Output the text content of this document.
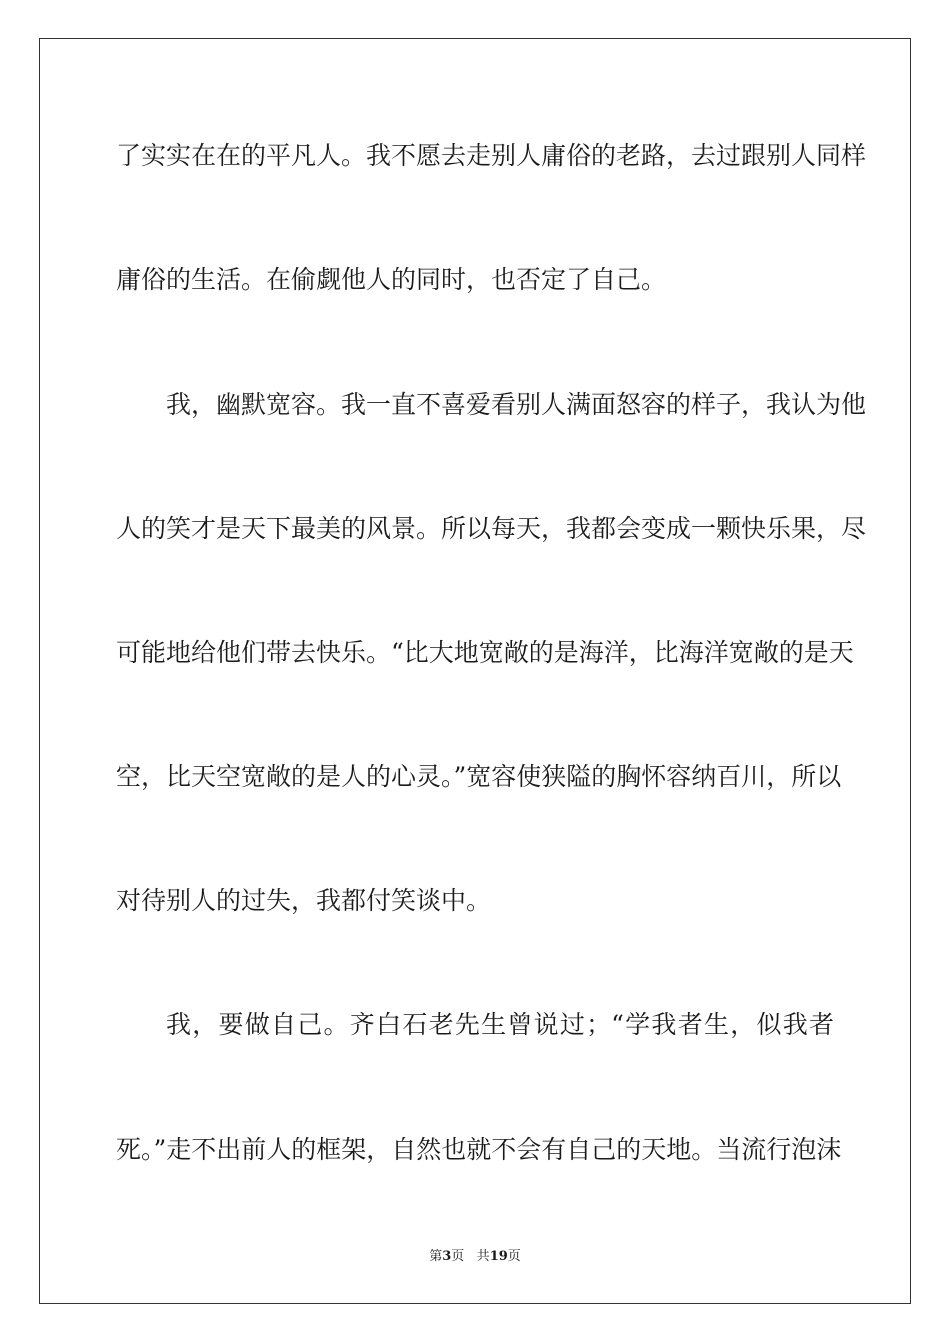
了实实在在的平凡人。我不愿去走别人庸俗的老路，去过跟别人同样
庸俗的生活。在偷觑他人的同时，也否定了自己。
我，幽默宽容。我一直不喜爱看别人满面怒容的样子，我认为他
人的笑才是天下最美的风景。所以每天，我都会变成一颗快乐果，尽
可能地给他们带去快乐。“比大地宽敞的是海洋，比海洋宽敞的是天
空，比天空宽敞的是人的心灵。”宽容使狭隘的胸怀容纳百川，所以
对待别人的过失，我都付笑谈中。
我，要做自己。齐白石老先生曾说过；“学我者生，似我者
死。”走不出前人的框架，自然也就不会有自己的天地。当流行泡沫
第3页 共19页
